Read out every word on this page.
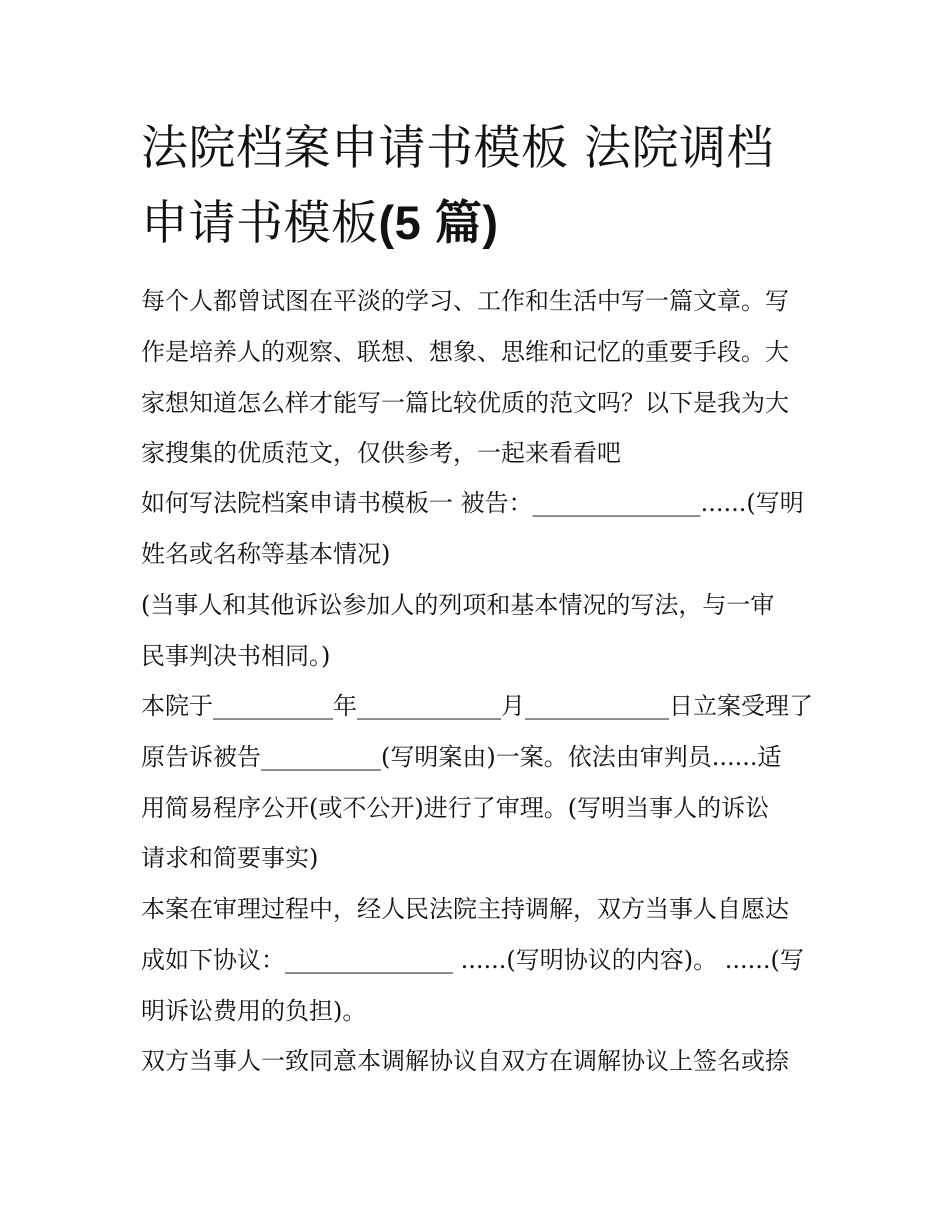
法院档案申请书模板 法院调档
申请书模板(5 篇)
每个人都曾试图在平淡的学习、工作和生活中写一篇文章。写
作是培养人的观察、联想、想象、思维和记忆的重要手段。大
家想知道怎么样才能写一篇比较优质的范文吗？以下是我为大
家搜集的优质范文，仅供参考，一起来看看吧
如何写法院档案申请书模板一 被告：______________......(写明
姓名或名称等基本情况)
(当事人和其他诉讼参加人的列项和基本情况的写法，与一审
民事判决书相同。)
本院于__________年____________月____________日立案受理了
原告诉被告__________(写明案由)一案。依法由审判员......适
用简易程序公开(或不公开)进行了审理。(写明当事人的诉讼
请求和简要事实)
本案在审理过程中，经人民法院主持调解，双方当事人自愿达
成如下协议：______________ ......(写明协议的内容)。 ......(写
明诉讼费用的负担)。
双方当事人一致同意本调解协议自双方在调解协议上签名或捺
